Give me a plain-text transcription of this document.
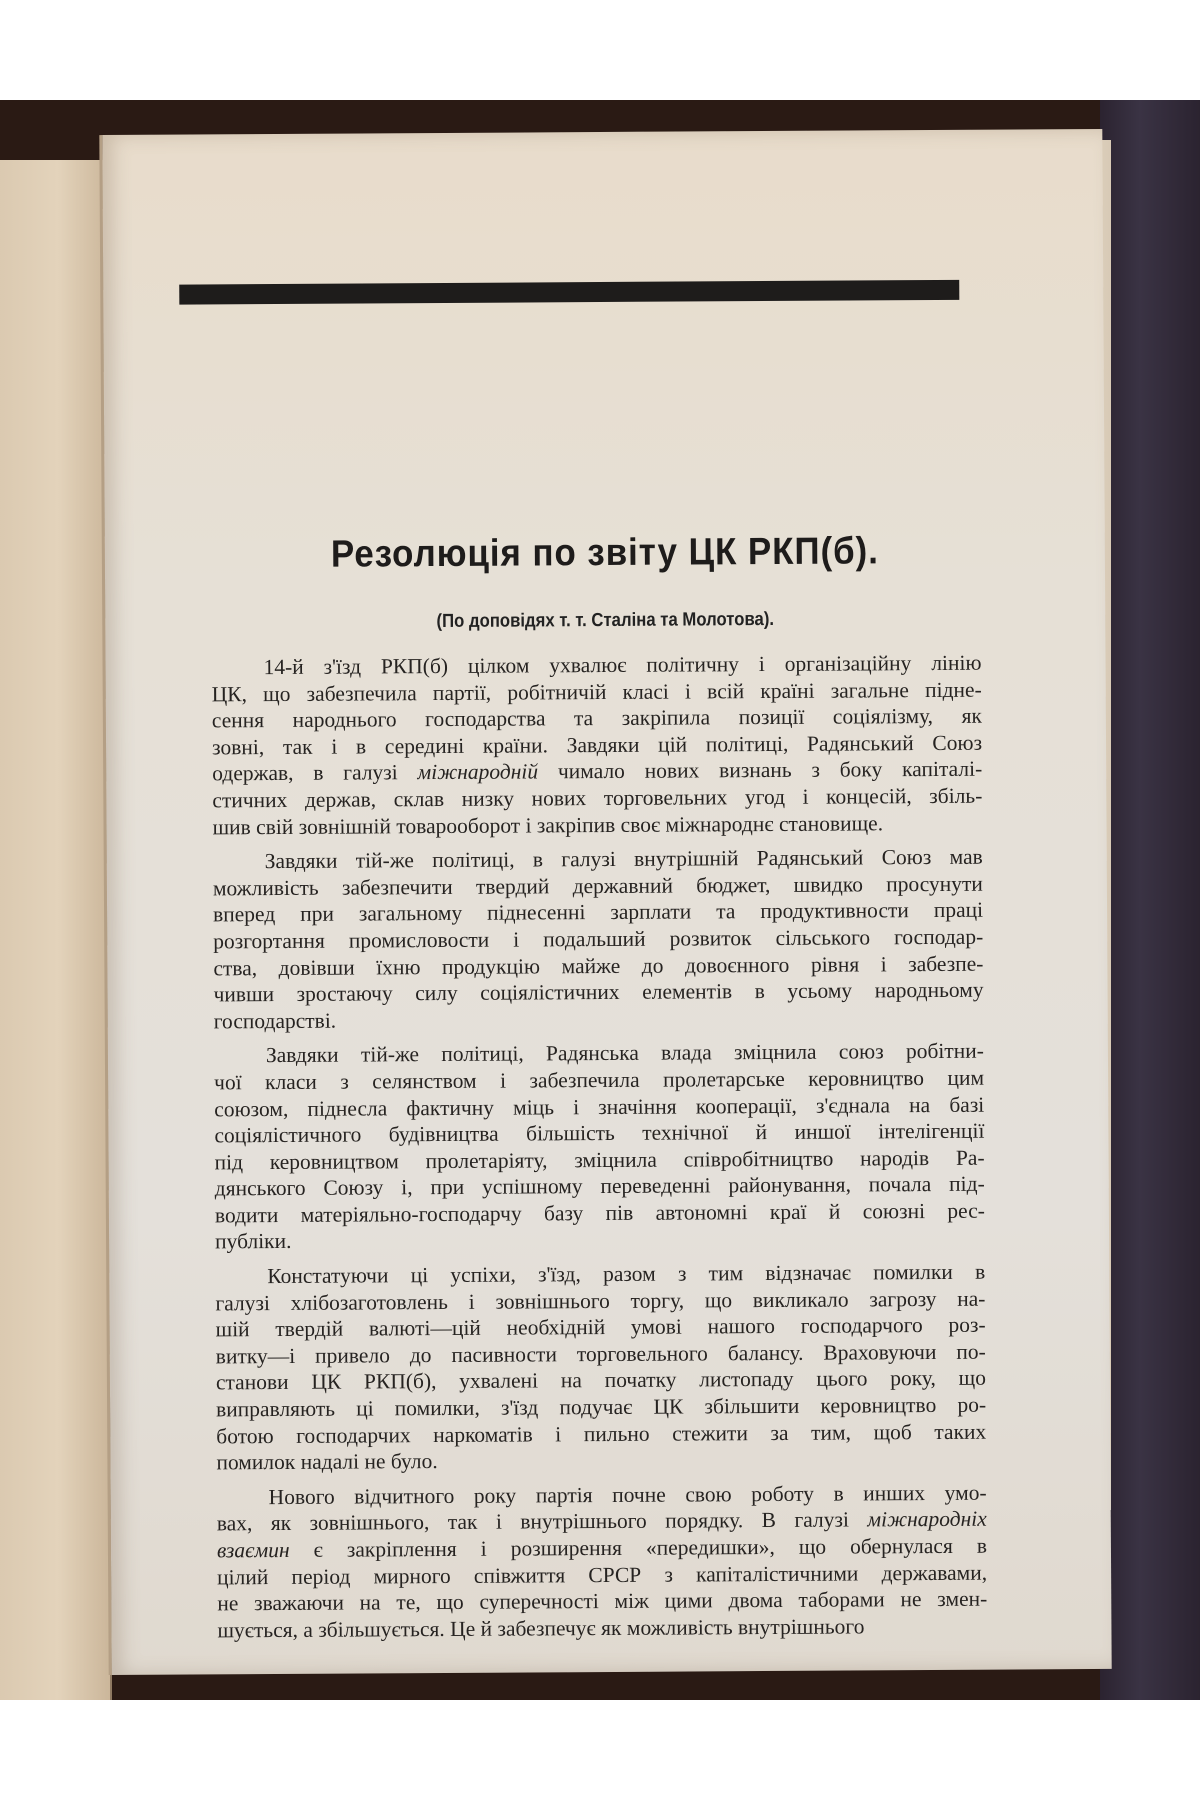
Резолюція по звіту ЦК РКП(б).
(По доповідях т. т. Сталіна та Молотова).

14-й з'їзд РКП(б) цілком ухвалює політичну і організаційну лінію
ЦК, що забезпечила партії, робітничій класі і всій країні загальне підне-
сення народнього господарства та закріпила позиції соціялізму, як
зовні, так і в середині країни. Завдяки цій політиці, Радянський Союз
одержав, в галузі міжнародній чимало нових визнань з боку капіталі-
стичних держав, склав низку нових торговельних угод і концесій, збіль-
шив свій зовнішній товарооборот і закріпив своє міжнароднє становище.

Завдяки тій-же політиці, в галузі внутрішній Радянський Союз мав
можливість забезпечити твердий державний бюджет, швидко просунути
вперед при загальному піднесенні зарплати та продуктивности праці
розгортання промисловости і подальший розвиток сільського господар-
ства, довівши їхню продукцію майже до довоєнного рівня і забезпе-
чивши зростаючу силу соціялістичних елементів в усьому народньому
господарстві.

Завдяки тій-же політиці, Радянська влада зміцнила союз робітни-
чої класи з селянством і забезпечила пролетарське керовництво цим
союзом, піднесла фактичну міць і значіння кооперації, з'єднала на базі
соціялістичного будівництва більшість технічної й иншої інтелігенції
під керовництвом пролетаріяту, зміцнила співробітництво народів Ра-
дянського Союзу і, при успішному переведенні районування, почала під-
водити матеріяльно-господарчу базу пів автономні краї й союзні рес-
публіки.

Констатуючи ці успіхи, з'їзд, разом з тим відзначає помилки в
галузі хлібозаготовлень і зовнішнього торгу, що викликало загрозу на-
шій твердій валюті—цій необхідній умові нашого господарчого роз-
витку—і привело до пасивности торговельного балансу. Враховуючи по-
станови ЦК РКП(б), ухвалені на початку листопаду цього року, що
виправляють ці помилки, з'їзд подучає ЦК збільшити керовництво ро-
ботою господарчих наркоматів і пильно стежити за тим, щоб таких
помилок надалі не було.

Нового відчитного року партія почне свою роботу в инших умо-
вах, як зовнішнього, так і внутрішнього порядку. В галузі міжнародніх
взаємин є закріплення і розширення «передишки», що обернулася в
цілий період мирного співжиття СРСР з капіталістичними державами,
не зважаючи на те, що суперечності між цими двома таборами не змен-
шується, а збільшується. Це й забезпечує як можливість внутрішнього
